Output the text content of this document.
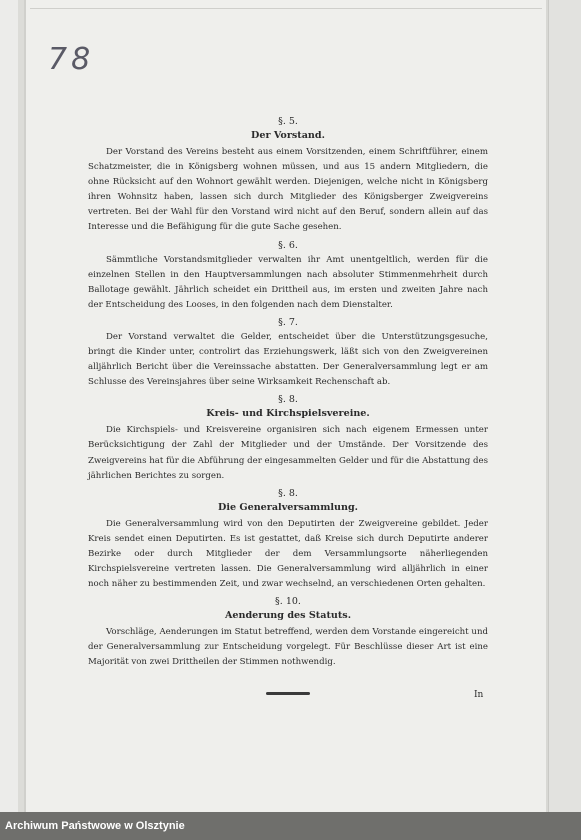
78
§. 5.
Der Vorstand.

Der Vorstand des Vereins besteht aus einem Vorsitzenden, einem Schriftführer, einem Schatzmeister, die in Königsberg wohnen müssen, und aus 15 andern Mitgliedern, die ohne Rücksicht auf den Wohnort gewählt werden. Diejenigen, welche nicht in Königsberg ihren Wohnsitz haben, lassen sich durch Mitglieder des Königsberger Zweigvereins vertreten. Bei der Wahl für den Vorstand wird nicht auf den Beruf, sondern allein auf das Interesse und die Befähigung für die gute Sache gesehen.

§. 6.

Sämmtliche Vorstandsmitglieder verwalten ihr Amt unentgeltlich, werden für die einzelnen Stellen in den Hauptversammlungen nach absoluter Stimmenmehrheit durch Ballotage gewählt. Jährlich scheidet ein Drittheil aus, im ersten und zweiten Jahre nach der Entscheidung des Looses, in den folgenden nach dem Dienstalter.

§. 7.

Der Vorstand verwaltet die Gelder, entscheidet über die Unterstützungsgesuche, bringt die Kinder unter, controlirt das Erziehungswerk, läßt sich von den Zweigvereinen alljährlich Bericht über die Vereinssache abstatten. Der Generalversammlung legt er am Schlusse des Vereinsjahres über seine Wirksamkeit Rechenschaft ab.

§. 8.
Kreis- und Kirchspielsvereine.

Die Kirchspiels- und Kreisvereine organisiren sich nach eigenem Ermessen unter Berücksichtigung der Zahl der Mitglieder und der Umstände. Der Vorsitzende des Zweigvereins hat für die Abführung der eingesammelten Gelder und für die Abstattung des jährlichen Berichtes zu sorgen.

§. 8.
Die Generalversammlung.

Die Generalversammlung wird von den Deputirten der Zweigvereine gebildet. Jeder Kreis sendet einen Deputirten. Es ist gestattet, daß Kreise sich durch Deputirte anderer Bezirke oder durch Mitglieder der dem Versammlungsorte näherliegenden Kirchspielsvereine vertreten lassen. Die Generalversammlung wird alljährlich in einer noch näher zu bestimmenden Zeit, und zwar wechselnd, an verschiedenen Orten gehalten.

§. 10.
Aenderung des Statuts.

Vorschläge, Aenderungen im Statut betreffend, werden dem Vorstande eingereicht und der Generalversammlung zur Entscheidung vorgelegt. Für Beschlüsse dieser Art ist eine Majorität von zwei Drittheilen der Stimmen nothwendig.

In
Archiwum Państwowe w Olsztynie
